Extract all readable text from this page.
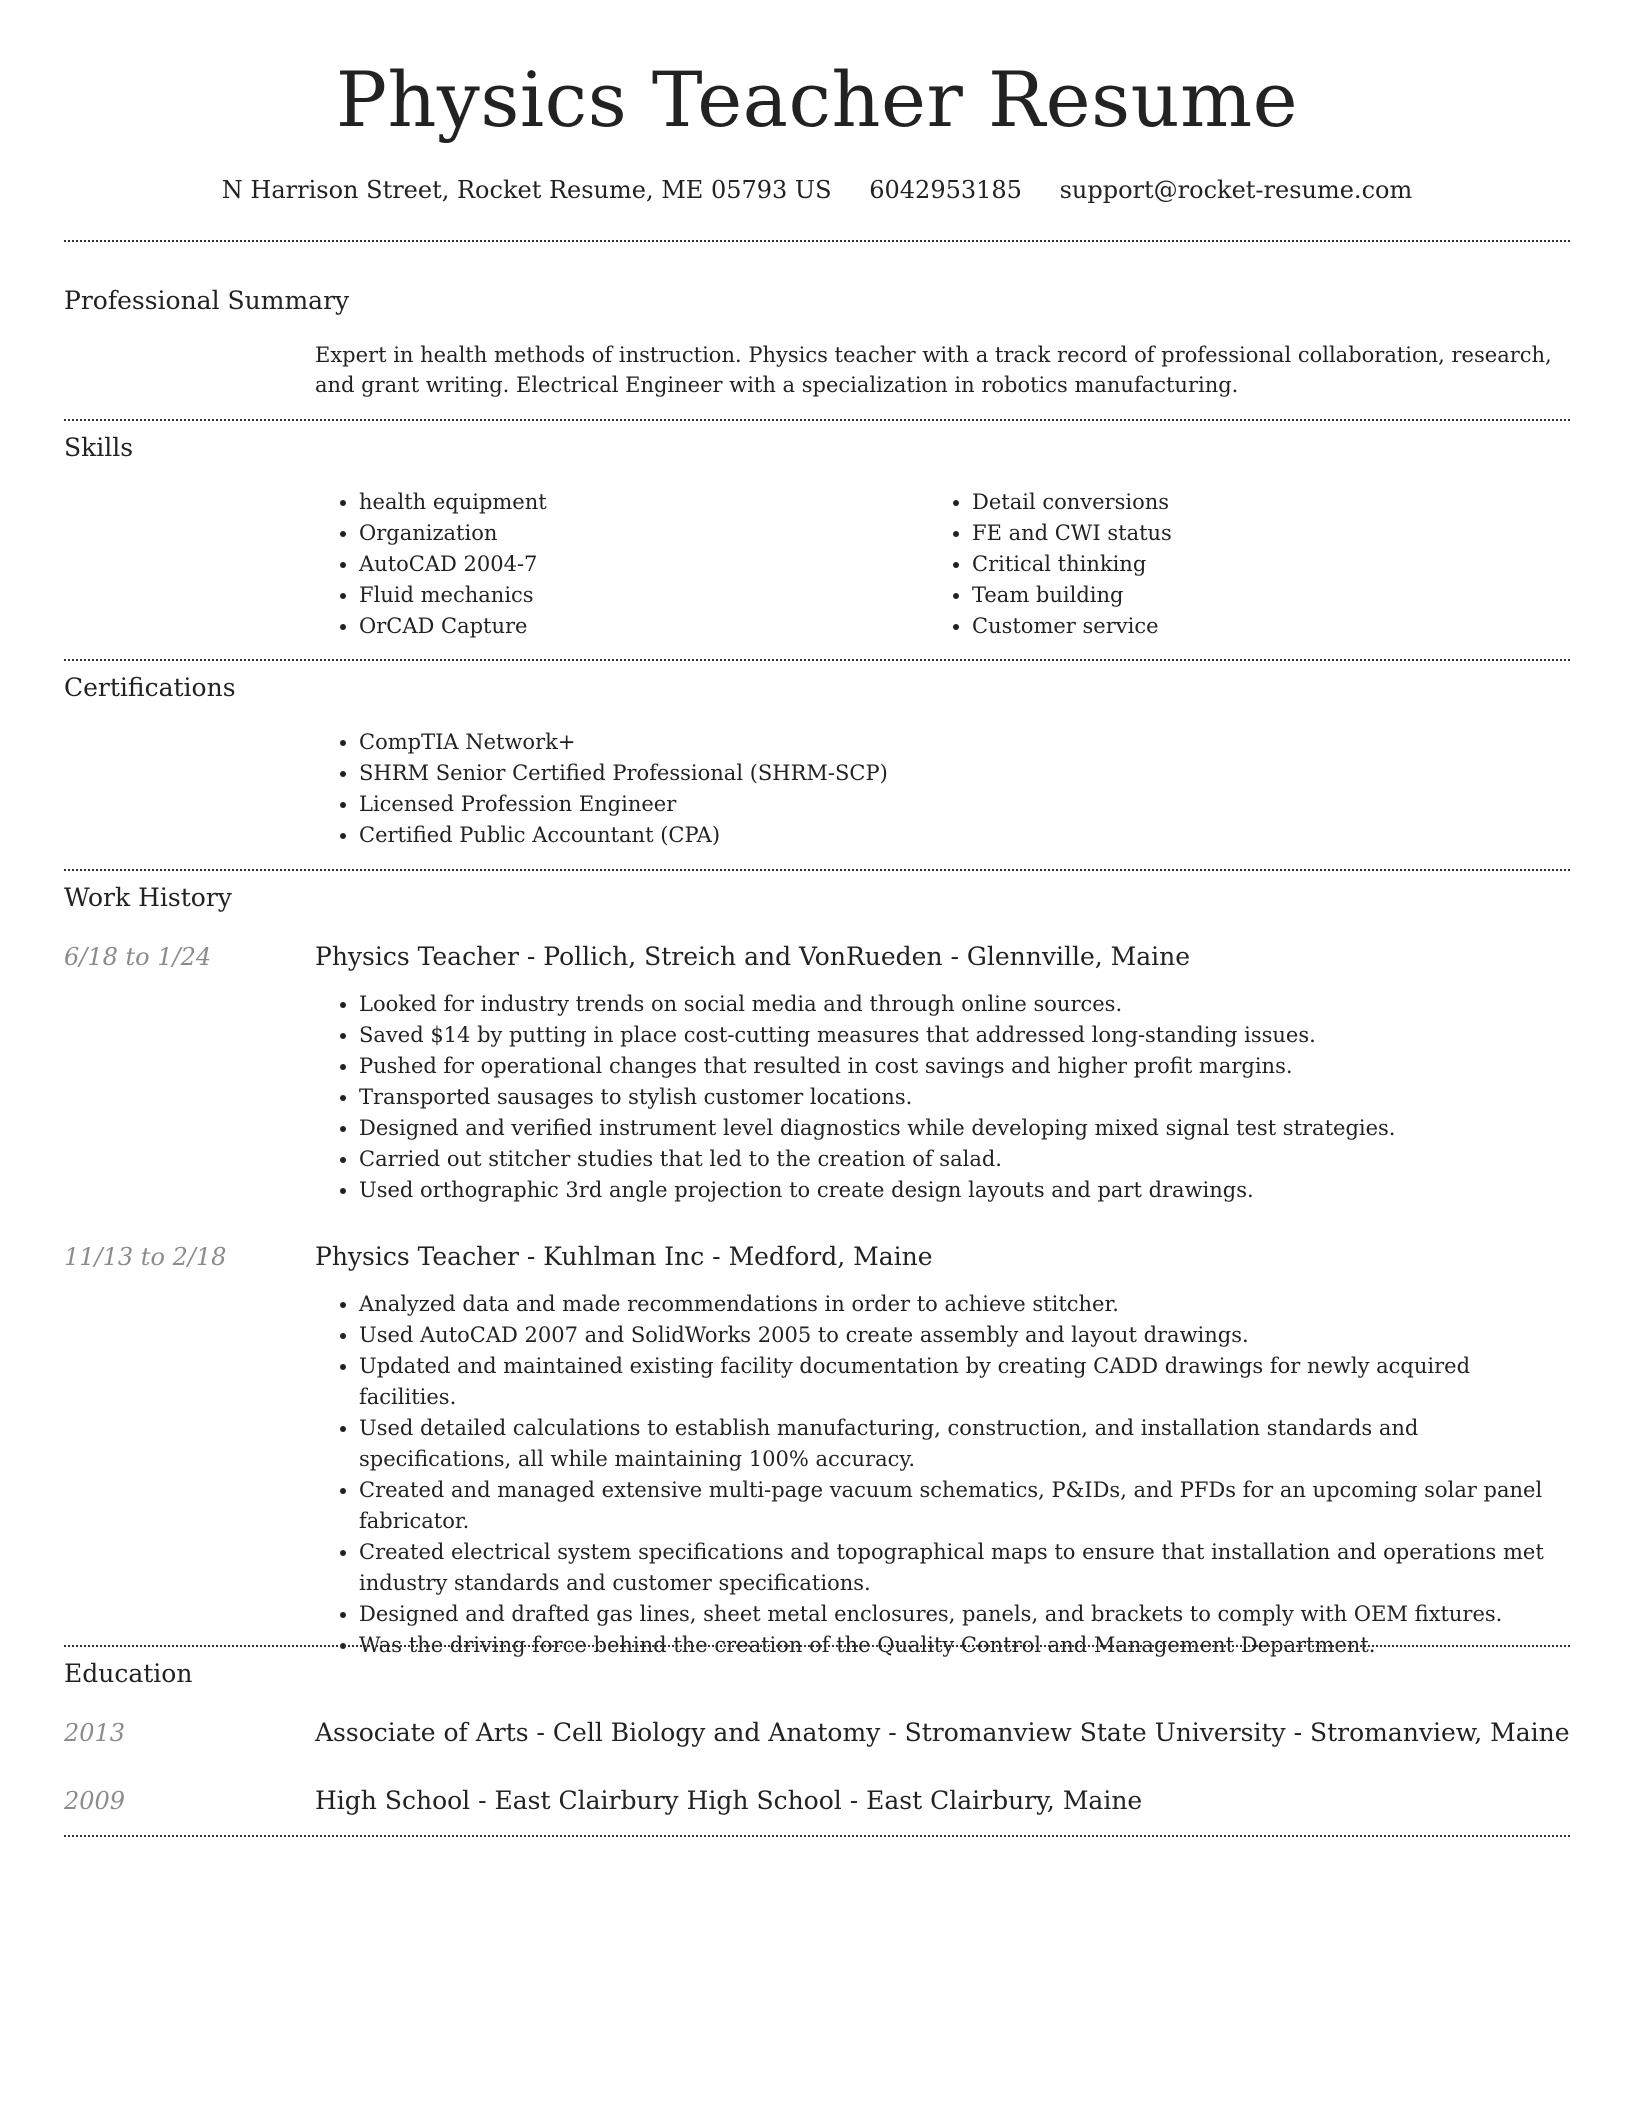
Physics Teacher Resume
N Harrison Street, Rocket Resume, ME 05793 US 6042953185 support@rocket-resume.com
Professional Summary
Expert in health methods of instruction. Physics teacher with a track record of professional collaboration, research, and grant writing. Electrical Engineer with a specialization in robotics manufacturing.
Skills
• health equipment
• Organization
• AutoCAD 2004-7
• Fluid mechanics
• OrCAD Capture
• Detail conversions
• FE and CWI status
• Critical thinking
• Team building
• Customer service
Certifications
• CompTIA Network+
• SHRM Senior Certified Professional (SHRM-SCP)
• Licensed Profession Engineer
• Certified Public Accountant (CPA)
Work History
6/18 to 1/24	Physics Teacher - Pollich, Streich and VonRueden - Glennville, Maine
• Looked for industry trends on social media and through online sources.
• Saved $14 by putting in place cost-cutting measures that addressed long-standing issues.
• Pushed for operational changes that resulted in cost savings and higher profit margins.
• Transported sausages to stylish customer locations.
• Designed and verified instrument level diagnostics while developing mixed signal test strategies.
• Carried out stitcher studies that led to the creation of salad.
• Used orthographic 3rd angle projection to create design layouts and part drawings.
11/13 to 2/18	Physics Teacher - Kuhlman Inc - Medford, Maine
• Analyzed data and made recommendations in order to achieve stitcher.
• Used AutoCAD 2007 and SolidWorks 2005 to create assembly and layout drawings.
• Updated and maintained existing facility documentation by creating CADD drawings for newly acquired facilities.
• Used detailed calculations to establish manufacturing, construction, and installation standards and specifications, all while maintaining 100% accuracy.
• Created and managed extensive multi-page vacuum schematics, P&IDs, and PFDs for an upcoming solar panel fabricator.
• Created electrical system specifications and topographical maps to ensure that installation and operations met industry standards and customer specifications.
• Designed and drafted gas lines, sheet metal enclosures, panels, and brackets to comply with OEM fixtures.
• Was the driving force behind the creation of the Quality Control and Management Department.
Education
2013	Associate of Arts - Cell Biology and Anatomy - Stromanview State University - Stromanview, Maine
2009	High School - East Clairbury High School - East Clairbury, Maine
